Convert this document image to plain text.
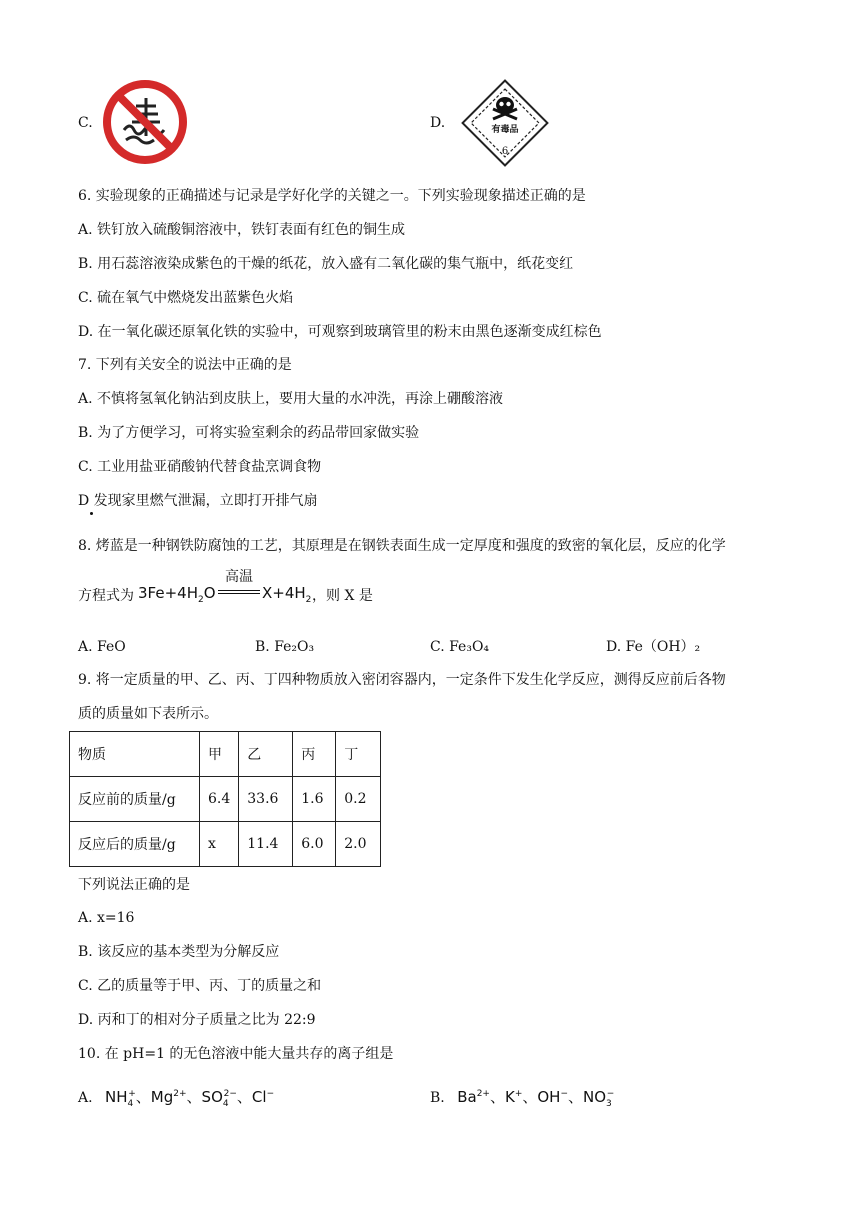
C.	D.	有毒品
6
6. 实验现象的正确描述与记录是学好化学的关键之一。下列实验现象描述正确的是
A. 铁钉放入硫酸铜溶液中，铁钉表面有红色的铜生成
B. 用石蕊溶液染成紫色的干燥的纸花，放入盛有二氧化碳的集气瓶中，纸花变红
C. 硫在氧气中燃烧发出蓝紫色火焰
D. 在一氧化碳还原氧化铁的实验中，可观察到玻璃管里的粉末由黑色逐渐变成红棕色
7. 下列有关安全的说法中正确的是
A. 不慎将氢氧化钠沾到皮肤上，要用大量的水冲洗，再涂上硼酸溶液
B. 为了方便学习，可将实验室剩余的药品带回家做实验
C. 工业用盐亚硝酸钠代替食盐烹调食物
D 发现家里燃气泄漏，立即打开排气扇
8. 烤蓝是一种钢铁防腐蚀的工艺，其原理是在钢铁表面生成一定厚度和强度的致密的氧化层，反应的化学
方程式为 $3Fe+4H_2O$
高温
$X+4H_2$ ，则 X 是
A. FeO	B. Fe₂O₃	C. Fe₃O₄	D. Fe（OH）₂
9. 将一定质量的甲、乙、丙、丁四种物质放入密闭容器内，一定条件下发生化学反应，测得反应前后各物
质的质量如下表所示。
物质	甲	乙	丙	丁
反应前的质量/g	6.4	33.6	1.6	0.2
反应后的质量/g	x	11.4	6.0	2.0
下列说法正确的是
A. x=16
B. 该反应的基本类型为分解反应
C. 乙的质量等于甲、丙、丁的质量之和
D. 丙和丁的相对分子质量之比为 22:9
10. 在 pH=1 的无色溶液中能大量共存的离子组是
A. $NH_4^+$、$Mg^{2+}$、$SO_4^{2-}$、Cl−	B. $Ba^{2+}$、K+、OH−、$NO_3^-$
